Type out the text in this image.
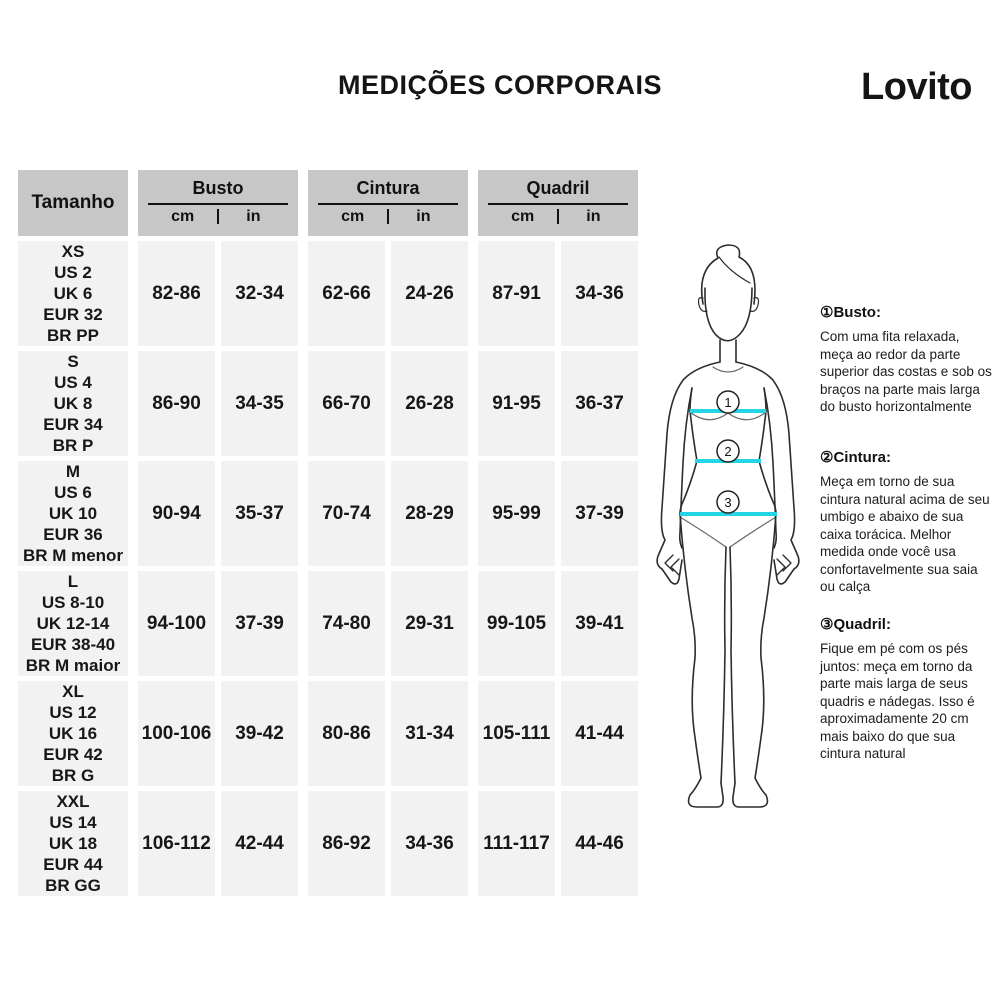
MEDIÇÕES CORPORAIS	Lovito
Tamanho
Busto
cm	in
Cintura
cm	in
Quadril
cm	in
XS
US 2
UK 6
EUR 32
BR PP
82-86	32-34	62-66	24-26	87-91	34-36
S
US 4
UK 8
EUR 34
BR P
86-90	34-35	66-70	26-28	91-95	36-37
M
US 6
UK 10
EUR 36
BR M menor
90-94	35-37	70-74	28-29	95-99	37-39
L
US 8-10
UK 12-14
EUR 38-40
BR M maior
94-100	37-39	74-80	29-31	99-105	39-41
XL
US 12
UK 16
EUR 42
BR G
100-106	39-42	80-86	31-34	105-111	41-44
XXL
US 14
UK 18
EUR 44
BR GG
106-112	42-44	86-92	34-36	111-117	44-46
1
2
3
①Busto:

Com uma fita relaxada, meça ao redor da parte superior das costas e sob os braços na parte mais larga do busto horizontalmente

②Cintura:

Meça em torno de sua cintura natural acima de seu umbigo e abaixo de sua caixa torácica. Melhor medida onde você usa confortavelmente sua saia ou calça

③Quadril:

Fique em pé com os pés juntos: meça em torno da parte mais larga de seus quadris e nádegas. Isso é aproximadamente 20 cm mais baixo do que sua cintura natural
